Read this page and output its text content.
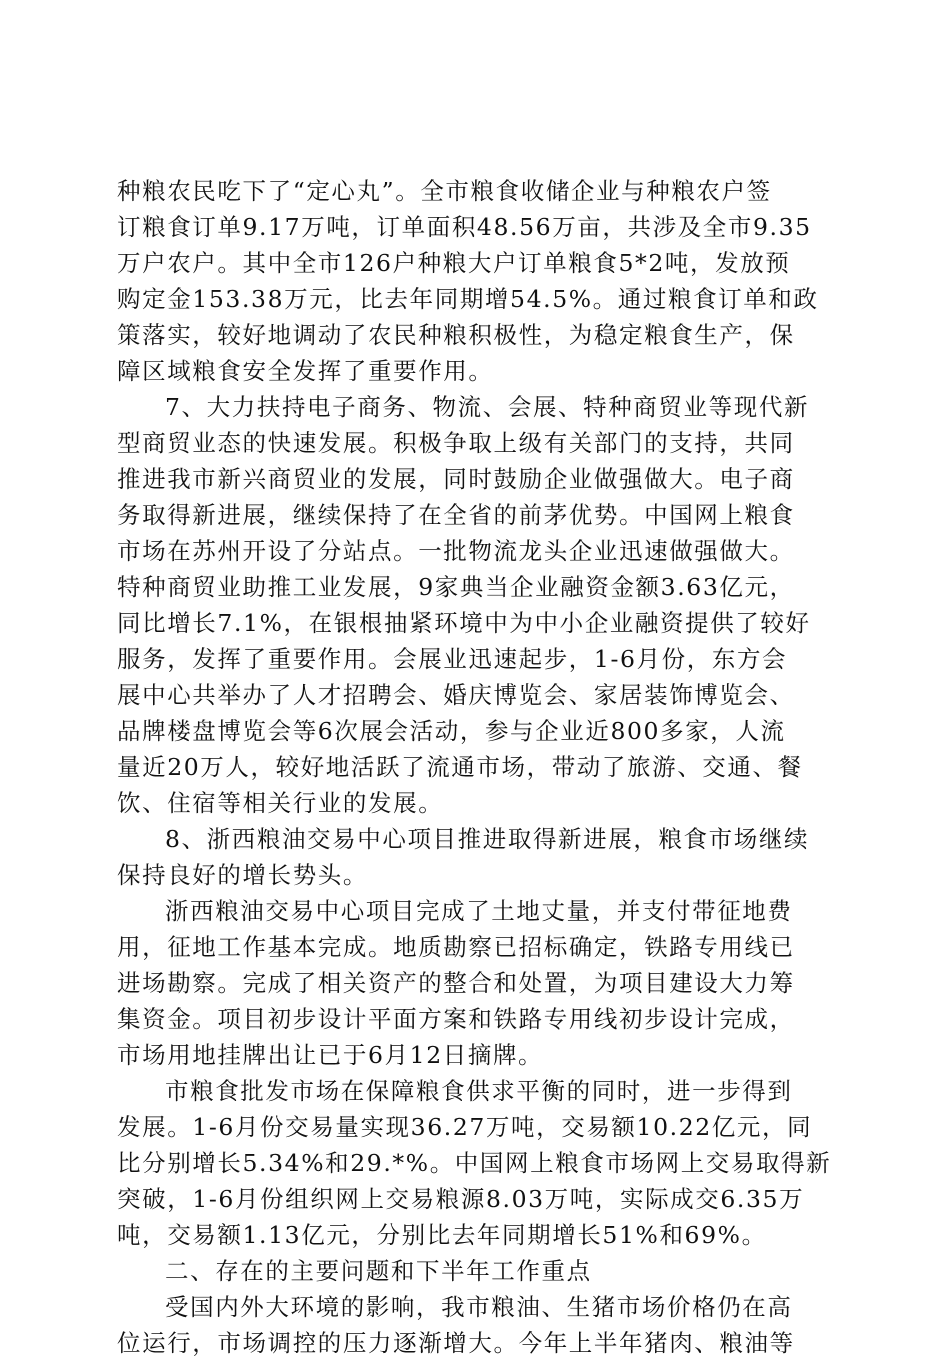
种粮农民吃下了“定心丸”。全市粮食收储企业与种粮农户签
订粮食订单9.17万吨，订单面积48.56万亩，共涉及全市9.35
万户农户。其中全市126户种粮大户订单粮食5*2吨，发放预
购定金153.38万元，比去年同期增54.5%。通过粮食订单和政
策落实，较好地调动了农民种粮积极性，为稳定粮食生产，保
障区域粮食安全发挥了重要作用。
7、大力扶持电子商务、物流、会展、特种商贸业等现代新
型商贸业态的快速发展。积极争取上级有关部门的支持，共同
推进我市新兴商贸业的发展，同时鼓励企业做强做大。电子商
务取得新进展，继续保持了在全省的前茅优势。中国网上粮食
市场在苏州开设了分站点。一批物流龙头企业迅速做强做大。
特种商贸业助推工业发展，9家典当企业融资金额3.63亿元，
同比增长7.1%，在银根抽紧环境中为中小企业融资提供了较好
服务，发挥了重要作用。会展业迅速起步，1-6月份，东方会
展中心共举办了人才招聘会、婚庆博览会、家居装饰博览会、
品牌楼盘博览会等6次展会活动，参与企业近800多家，人流
量近20万人，较好地活跃了流通市场，带动了旅游、交通、餐
饮、住宿等相关行业的发展。
8、浙西粮油交易中心项目推进取得新进展，粮食市场继续
保持良好的增长势头。
浙西粮油交易中心项目完成了土地丈量，并支付带征地费
用，征地工作基本完成。地质勘察已招标确定，铁路专用线已
进场勘察。完成了相关资产的整合和处置，为项目建设大力筹
集资金。项目初步设计平面方案和铁路专用线初步设计完成，
市场用地挂牌出让已于6月12日摘牌。
市粮食批发市场在保障粮食供求平衡的同时，进一步得到
发展。1-6月份交易量实现36.27万吨，交易额10.22亿元，同
比分别增长5.34%和29.*%。中国网上粮食市场网上交易取得新
突破，1-6月份组织网上交易粮源8.03万吨，实际成交6.35万
吨，交易额1.13亿元，分别比去年同期增长51%和69%。
二、存在的主要问题和下半年工作重点
受国内外大环境的影响，我市粮油、生猪市场价格仍在高
位运行，市场调控的压力逐渐增大。今年上半年猪肉、粮油等
